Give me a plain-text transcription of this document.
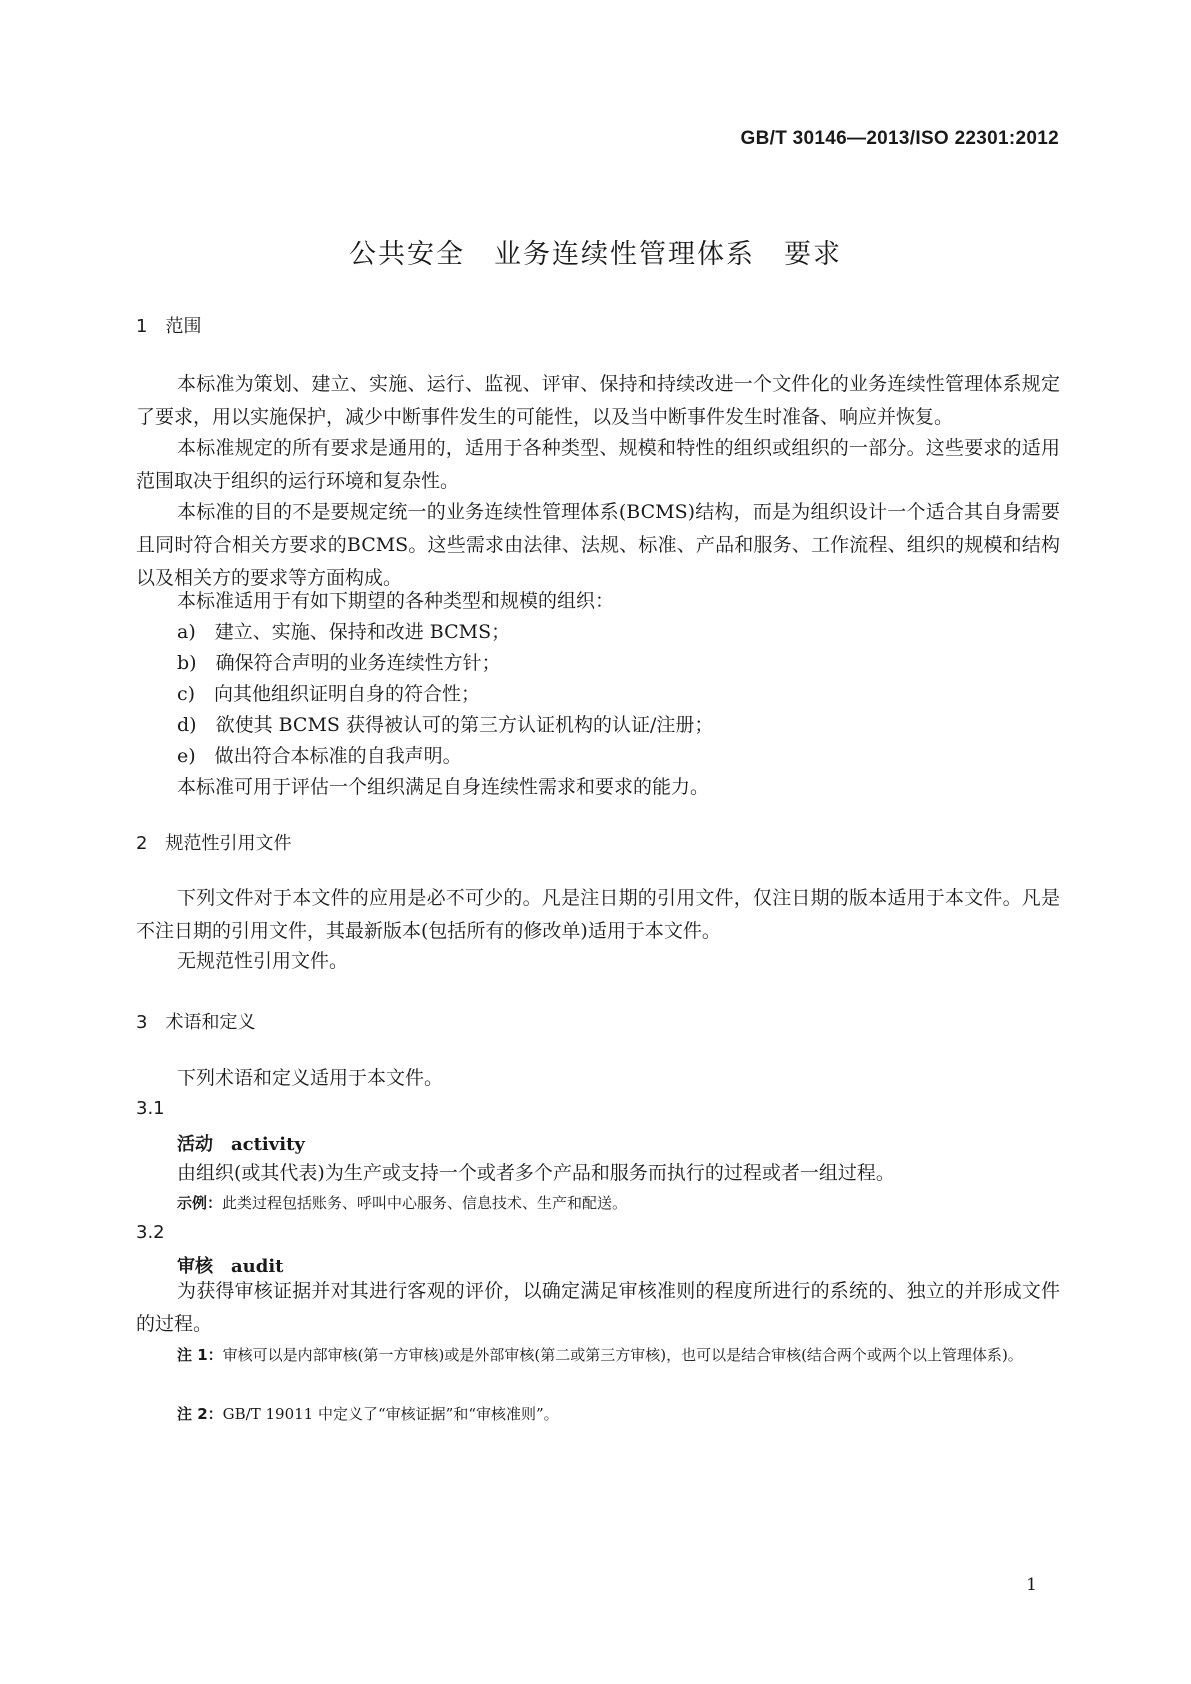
GB/T 30146—2013/ISO 22301:2012
公共安全　业务连续性管理体系　要求
1　范围

本标准为策划、建立、实施、运行、监视、评审、保持和持续改进一个文件化的业务连续性管理体系规定了要求，用以实施保护，减少中断事件发生的可能性，以及当中断事件发生时准备、响应并恢复。

本标准规定的所有要求是通用的，适用于各种类型、规模和特性的组织或组织的一部分。这些要求的适用范围取决于组织的运行环境和复杂性。

本标准的目的不是要规定统一的业务连续性管理体系(BCMS)结构，而是为组织设计一个适合其自身需要且同时符合相关方要求的BCMS。这些需求由法律、法规、标准、产品和服务、工作流程、组织的规模和结构以及相关方的要求等方面构成。

本标准适用于有如下期望的各种类型和规模的组织：
a)　建立、实施、保持和改进 BCMS；
b)　确保符合声明的业务连续性方针；
c)　向其他组织证明自身的符合性；
d)　欲使其 BCMS 获得被认可的第三方认证机构的认证/注册；
e)　做出符合本标准的自我声明。
本标准可用于评估一个组织满足自身连续性需求和要求的能力。
2　规范性引用文件

下列文件对于本文件的应用是必不可少的。凡是注日期的引用文件，仅注日期的版本适用于本文件。凡是不注日期的引用文件，其最新版本(包括所有的修改单)适用于本文件。

无规范性引用文件。
3　术语和定义
下列术语和定义适用于本文件。
3.1
活动　activity
由组织(或其代表)为生产或支持一个或者多个产品和服务而执行的过程或者一组过程。
示例：此类过程包括账务、呼叫中心服务、信息技术、生产和配送。
3.2
审核　audit

为获得审核证据并对其进行客观的评价，以确定满足审核准则的程度所进行的系统的、独立的并形成文件的过程。

注 1：审核可以是内部审核(第一方审核)或是外部审核(第二或第三方审核)，也可以是结合审核(结合两个或两个以上管理体系)。

注 2：GB/T 19011 中定义了“审核证据”和“审核准则”。
1
